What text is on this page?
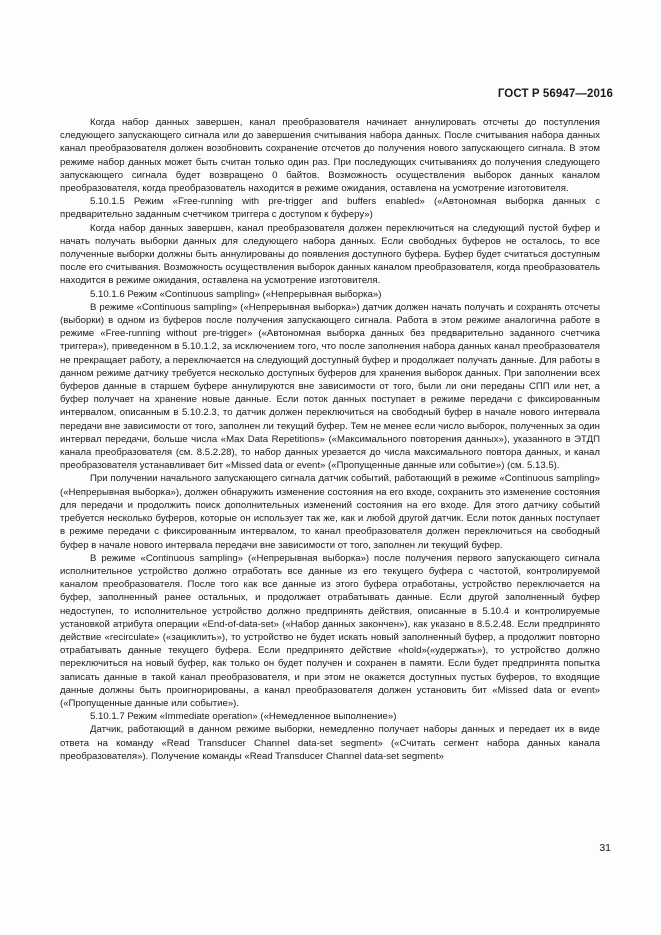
ГОСТ Р 56947—2016

Когда набор данных завершен, канал преобразователя начинает аннулировать отсчеты до поступления следующего запускающего сигнала или до завершения считывания набора данных. После считывания набора данных канал преобразователя должен возобновить сохранение отсчетов до получения нового запускающего сигнала. В этом режиме набор данных может быть считан только один раз. При последующих считываниях до получения следующего запускающего сигнала будет возвращено 0 байтов. Возможность осуществления выборок данных каналом преобразователя, когда преобразователь находится в режиме ожидания, оставлена на усмотрение изготовителя.

5.10.1.5 Режим «Free-running with pre-trigger and buffers enabled» («Автономная выборка данных с предварительно заданным счетчиком триггера с доступом к буферу»)

Когда набор данных завершен, канал преобразователя должен переключиться на следующий пустой буфер и начать получать выборки данных для следующего набора данных. Если свободных буферов не осталось, то все полученные выборки должны быть аннулированы до появления доступного буфера. Буфер будет считаться доступным после его считывания. Возможность осуществления выборок данных каналом преобразователя, когда преобразователь находится в режиме ожидания, оставлена на усмотрение изготовителя.

5.10.1.6 Режим «Continuous sampling» («Непрерывная выборка»)

В режиме «Continuous sampling» («Непрерывная выборка») датчик должен начать получать и сохранять отсчеты (выборки) в одном из буферов после получения запускающего сигнала. Работа в этом режиме аналогична работе в режиме «Free-running without pre-trigger» («Автономная выборка данных без предварительно заданного счетчика триггера»), приведенном в 5.10.1.2, за исключением того, что после заполнения набора данных канал преобразователя не прекращает работу, а переключается на следующий доступный буфер и продолжает получать данные. Для работы в данном режиме датчику требуется несколько доступных буферов для хранения выборок данных. При заполнении всех буферов данные в старшем буфере аннулируются вне зависимости от того, были ли они переданы СПП или нет, а буфер получает на хранение новые данные. Если поток данных поступает в режиме передачи с фиксированным интервалом, описанным в 5.10.2.3, то датчик должен переключиться на свободный буфер в начале нового интервала передачи вне зависимости от того, заполнен ли текущий буфер. Тем не менее если число выборок, полученных за один интервал передачи, больше числа «Max Data Repetitions» («Максимального повторения данных»), указанного в ЭТДП канала преобразователя (см. 8.5.2.28), то набор данных урезается до числа максимального повтора данных, и канал преобразователя устанавливает бит «Missed data or event» («Пропущенные данные или событие») (см. 5.13.5).

При получении начального запускающего сигнала датчик событий, работающий в режиме «Continuous sampling» («Непрерывная выборка»), должен обнаружить изменение состояния на его входе, сохранить это изменение состояния для передачи и продолжить поиск дополнительных изменений состояния на его входе. Для этого датчику событий требуется несколько буферов, которые он использует так же, как и любой другой датчик. Если поток данных поступает в режиме передачи с фиксированным интервалом, то канал преобразователя должен переключиться на свободный буфер в начале нового интервала передачи вне зависимости от того, заполнен ли текущий буфер.

В режиме «Continuous sampling» («Непрерывная выборка») после получения первого запускающего сигнала исполнительное устройство должно отработать все данные из его текущего буфера с частотой, контролируемой каналом преобразователя. После того как все данные из этого буфера отработаны, устройство переключается на буфер, заполненный ранее остальных, и продолжает отрабатывать данные. Если другой заполненный буфер недоступен, то исполнительное устройство должно предпринять действия, описанные в 5.10.4 и контролируемые установкой атрибута операции «End-of-data-set» («Набор данных закончен»), как указано в 8.5.2.48. Если предпринято действие «recirculate» («зациклить»), то устройство не будет искать новый заполненный буфер, а продолжит повторно отрабатывать данные текущего буфера. Если предпринято действие «hold»(«удержать»), то устройство должно переключиться на новый буфер, как только он будет получен и сохранен в памяти. Если будет предпринята попытка записать данные в такой канал преобразователя, и при этом не окажется доступных пустых буферов, то входящие данные должны быть проигнорированы, а канал преобразователя должен установить бит «Missed data or event» («Пропущенные данные или событие»).

5.10.1.7 Режим «Immediate operation» («Немедленное выполнение»)

Датчик, работающий в данном режиме выборки, немедленно получает наборы данных и передает их в виде ответа на команду «Read Transducer Channel data-set segment» («Считать сегмент набора данных канала преобразователя»). Получение команды «Read Transducer Channel data-set segment»

31
